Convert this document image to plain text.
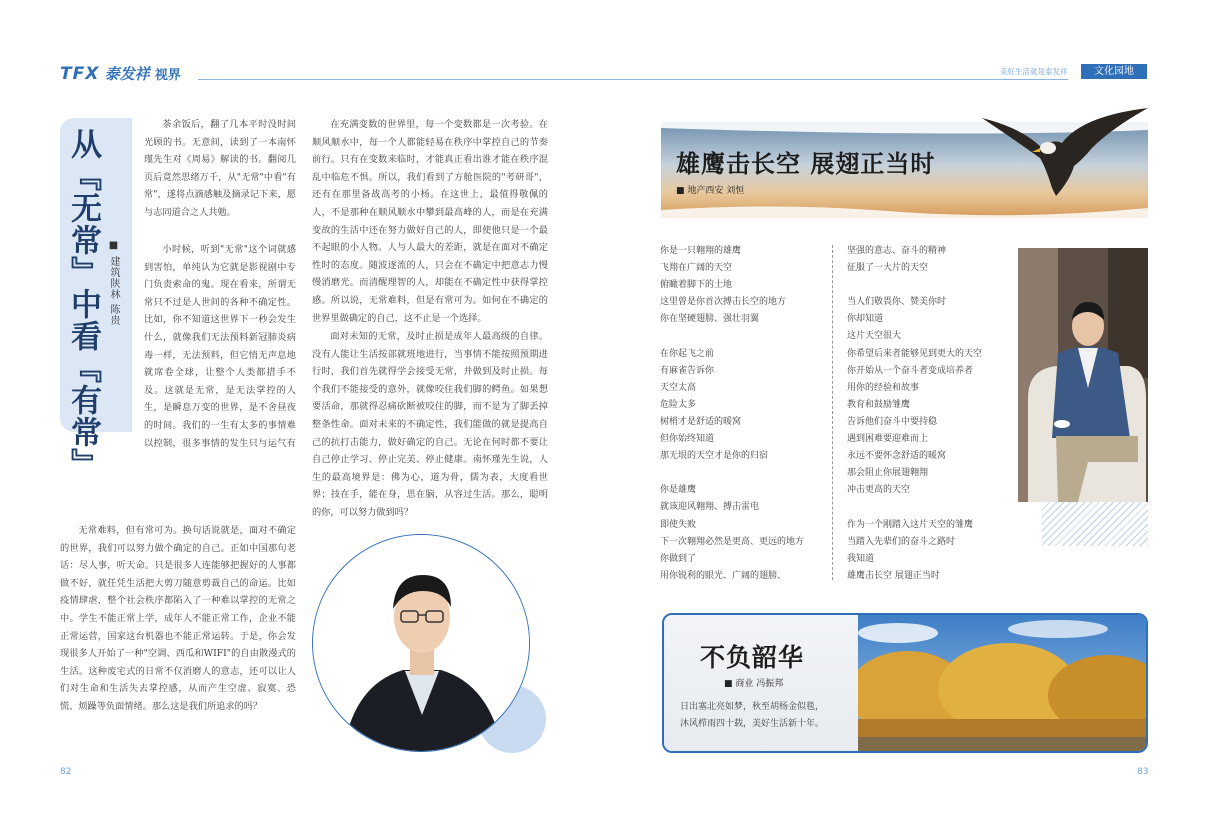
TFX 泰发祥 视界	美好生活就是泰发祥	文化园地
从『无常』中看『有常』 ■ 建筑陕林 陈贵
茶余饭后，翻了几本平时没时间光顾的书。无意间，读到了一本南怀瑾先生对《周易》解读的书。翻阅几页后竟然思绪万千，从"无常"中看"有常"，遂将点滴感触及摘录记下来，愿与志同道合之人共勉。
小时候，听到"无常"这个词就感到害怕，单纯认为它就是影视剧中专门负责索命的鬼。现在看来，所谓无常只不过是人世间的各种不确定性。比如，你不知道这世界下一秒会发生什么，就像我们无法预料新冠肺炎病毒一样，无法预料，但它悄无声息地就席卷全球，让整个人类都措手不及。这就是无常，是无法掌控的人生，是瞬息万变的世界，是不舍昼夜的时间。我们的一生有太多的事情难以控制，很多事情的发生只与运气有
无常难料，但有常可为。换句话说就是，面对不确定的世界，我们可以努力做个确定的自己。正如中国那句老话：尽人事，听天命。只是很多人连能够把握好的人事都做不好，就任凭生活把大剪刀随意剪裁自己的命运。比如疫情肆虐，整个社会秩序都陷入了一种难以掌控的无常之中。学生不能正常上学，成年人不能正常工作，企业不能正常运营，国家这台机器也不能正常运转。于是，你会发现很多人开始了一种"空调、西瓜和WIFI"的自由散漫式的生活。这种废宅式的日常不仅消磨人的意志，还可以让人们对生命和生活失去掌控感，从而产生空虚、寂寞、恐慌、烦躁等负面情绪。那么这是我们所追求的吗？
在充满变数的世界里，每一个变数都是一次考验。在顺风顺水中，每一个人都能轻易在秩序中掌控自己的节奏前行。只有在变数来临时，才能真正看出谁才能在秩序混乱中临危不惧。所以，我们看到了方舱医院的"考研哥"，还有在那里备战高考的小杨。在这世上，最值得敬佩的人，不是那种在顺风顺水中攀到最高峰的人，而是在充满变故的生活中还在努力做好自己的人，即使他只是一个最不起眼的小人物。人与人最大的差距，就是在面对不确定性时的态度。随波逐流的人，只会在不确定中把意志力慢慢消磨光。而清醒理智的人，却能在不确定性中获得掌控感。所以说，无常难料，但是有常可为。如何在不确定的世界里做确定的自己，这不止是一个选择。
面对未知的无常，及时止损是成年人最高级的自律。没有人能让生活按部就班地进行，当事情不能按照预期进行时，我们首先就得学会接受无常，并做到及时止损。每个我们不能接受的意外，就像咬住我们脚的鳄鱼。如果想要活命，那就得忍痛砍断被咬住的脚，而不是为了脚丢掉整条性命。面对未来的不确定性，我们能做的就是提高自己的抗打击能力，做好确定的自己。无论在何时都不要让自己停止学习、停止完美、停止健康。南怀瑾先生说，人生的最高境界是：佛为心，道为骨，儒为表，大度看世界；技在手，能在身，思在脑，从容过生活。那么，聪明的你，可以努力做到吗？
82
雄鹰击长空 展翅正当时
■ 地产西安 刘恒
你是一只翱翔的雄鹰
飞翔在广阔的天空
俯瞰着脚下的土地
这里曾是你首次搏击长空的地方
你在坚硬翅膀、强壮羽翼
在你起飞之前
有麻雀告诉你
天空太高
危险太多
树梢才是舒适的暖窝
但你始终知道
那无垠的天空才是你的归宿
你是雄鹰
就该迎风翱翔、搏击雷电
即使失败
下一次翱翔必然是更高、更远的地方
你做到了
用你锐利的眼光、广阔的翅膀、
坚强的意志、奋斗的精神
征服了一大片的天空
当人们敬畏你、赞美你时
你却知道
这片天空很大
你希望后来者能够见到更大的天空
你开始从一个奋斗者变成培养者
用你的经验和故事
教育和鼓励雏鹰
告诉他们奋斗中要持稳
遇到困难要迎难而上
永远不要怀念舒适的暖窝
那会阻止你展翅翱翔
冲击更高的天空
作为一个刚踏入这片天空的雏鹰
当踏入先辈们的奋斗之路时
我知道
雄鹰击长空 展翅正当时
不负韶华
■ 商业 冯振邦
日出塞北亮如梦，秋至胡杨金似毯，
沐风栉雨四十载，美好生活新十年。
83
